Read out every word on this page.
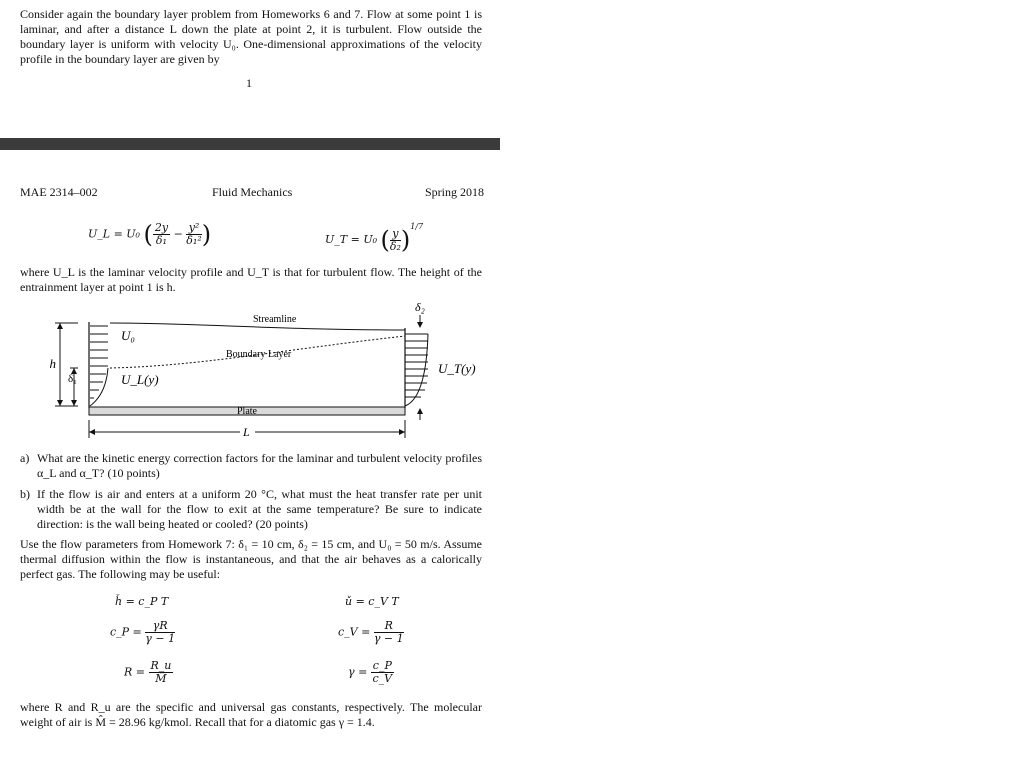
Consider again the boundary layer problem from Homeworks 6 and 7. Flow at some point 1 is laminar, and after a distance L down the plate at point 2, it is turbulent. Flow outside the boundary layer is uniform with velocity U₀. One-dimensional approximations of the velocity profile in the boundary layer are given by

1
MAE 2314–002	Fluid Mechanics	Spring 2018
U_L = U₀ ( $\frac{2y}{\text{δ₁}} - \frac{\text{y²}}{\text{δ₁²}}$ )	U_T = U₀ ( $\frac{y}{\text{δ₂}} )^{1/7}$

where U_L is the laminar velocity profile and U_T is that for turbulent flow. The height of the entrainment layer at point 1 is h.

h
δ₁
U₀
U_L(y)
Streamline
Boundary Layer
U_T(y)
δ₂
Plate
L
a) What are the kinetic energy correction factors for the laminar and turbulent velocity profiles α_L and α_T? (10 points)
b) If the flow is air and enters at a uniform 20 °C, what must the heat transfer rate per unit width be at the wall for the flow to exit at the same temperature? Be sure to indicate direction: is the wall being heated or cooled? (20 points)

Use the flow parameters from Homework 7: δ₁ = 10 cm, δ₂ = 15 cm, and U₀ = 50 m/s. Assume thermal diffusion within the flow is instantaneous, and that the air behaves as a calorically perfect gas. The following may be useful:

ȟ = c_P T	ǔ = c_V T
c_P = $\frac{\gamma R}{\gamma - 1}$	c_V = $\frac{R}{\gamma - 1}$
$R = \frac{R\_u}{M̂}$	$\gamma = \frac{c\_P}{c\_V}$

where R and R_u are the specific and universal gas constants, respectively. The molecular weight of air is M̂ = 28.96 kg/kmol. Recall that for a diatomic gas γ = 1.4.
